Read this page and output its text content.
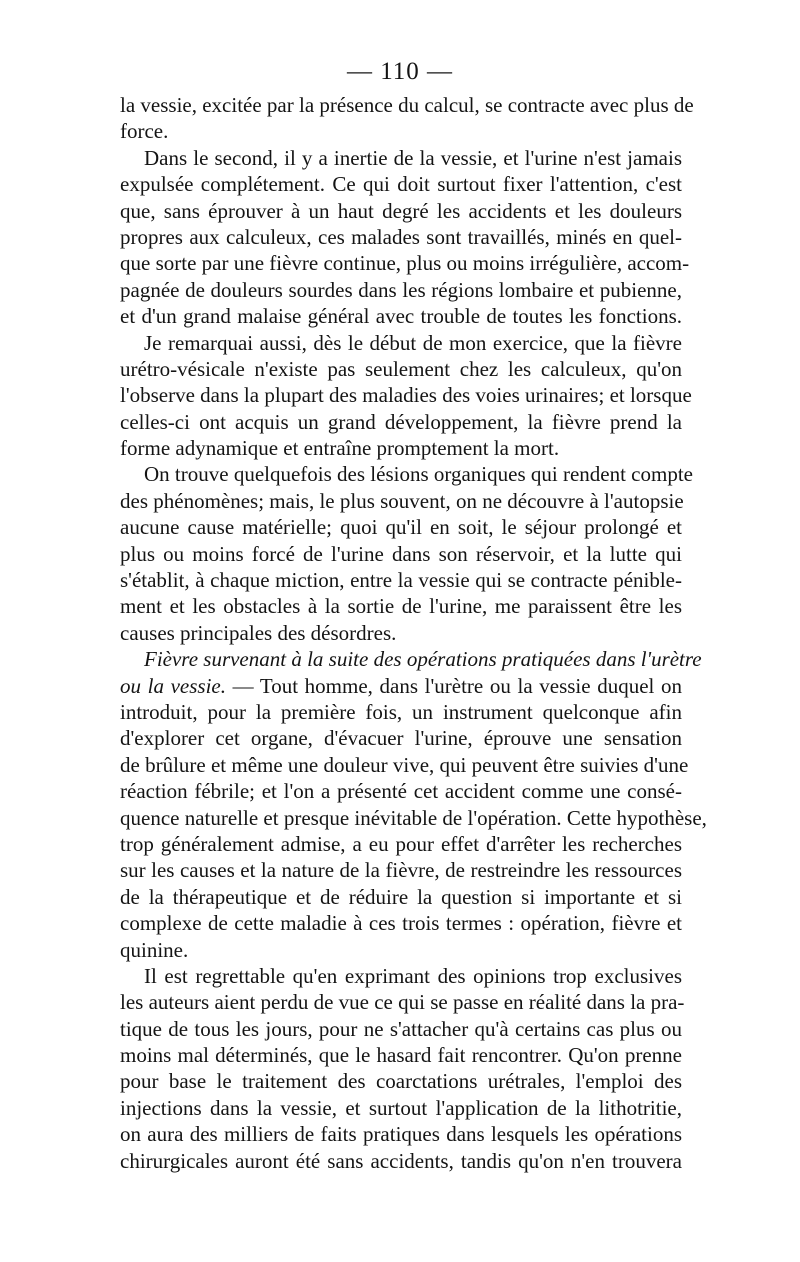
— 110 —
la vessie, excitée par la présence du calcul, se contracte avec plus de
force.
Dans le second, il y a inertie de la vessie, et l'urine n'est jamais
expulsée complétement. Ce qui doit surtout fixer l'attention, c'est
que, sans éprouver à un haut degré les accidents et les douleurs
propres aux calculeux, ces malades sont travaillés, minés en quel-
que sorte par une fièvre continue, plus ou moins irrégulière, accom-
pagnée de douleurs sourdes dans les régions lombaire et pubienne,
et d'un grand malaise général avec trouble de toutes les fonctions.
Je remarquai aussi, dès le début de mon exercice, que la fièvre
urétro-vésicale n'existe pas seulement chez les calculeux, qu'on
l'observe dans la plupart des maladies des voies urinaires; et lorsque
celles-ci ont acquis un grand développement, la fièvre prend la
forme adynamique et entraîne promptement la mort.
On trouve quelquefois des lésions organiques qui rendent compte
des phénomènes; mais, le plus souvent, on ne découvre à l'autopsie
aucune cause matérielle; quoi qu'il en soit, le séjour prolongé et
plus ou moins forcé de l'urine dans son réservoir, et la lutte qui
s'établit, à chaque miction, entre la vessie qui se contracte pénible-
ment et les obstacles à la sortie de l'urine, me paraissent être les
causes principales des désordres.
Fièvre survenant à la suite des opérations pratiquées dans l'urètre
ou la vessie. — Tout homme, dans l'urètre ou la vessie duquel on
introduit, pour la première fois, un instrument quelconque afin
d'explorer cet organe, d'évacuer l'urine, éprouve une sensation
de brûlure et même une douleur vive, qui peuvent être suivies d'une
réaction fébrile; et l'on a présenté cet accident comme une consé-
quence naturelle et presque inévitable de l'opération. Cette hypothèse,
trop généralement admise, a eu pour effet d'arrêter les recherches
sur les causes et la nature de la fièvre, de restreindre les ressources
de la thérapeutique et de réduire la question si importante et si
complexe de cette maladie à ces trois termes : opération, fièvre et
quinine.
Il est regrettable qu'en exprimant des opinions trop exclusives
les auteurs aient perdu de vue ce qui se passe en réalité dans la pra-
tique de tous les jours, pour ne s'attacher qu'à certains cas plus ou
moins mal déterminés, que le hasard fait rencontrer. Qu'on prenne
pour base le traitement des coarctations urétrales, l'emploi des
injections dans la vessie, et surtout l'application de la lithotritie,
on aura des milliers de faits pratiques dans lesquels les opérations
chirurgicales auront été sans accidents, tandis qu'on n'en trouvera
